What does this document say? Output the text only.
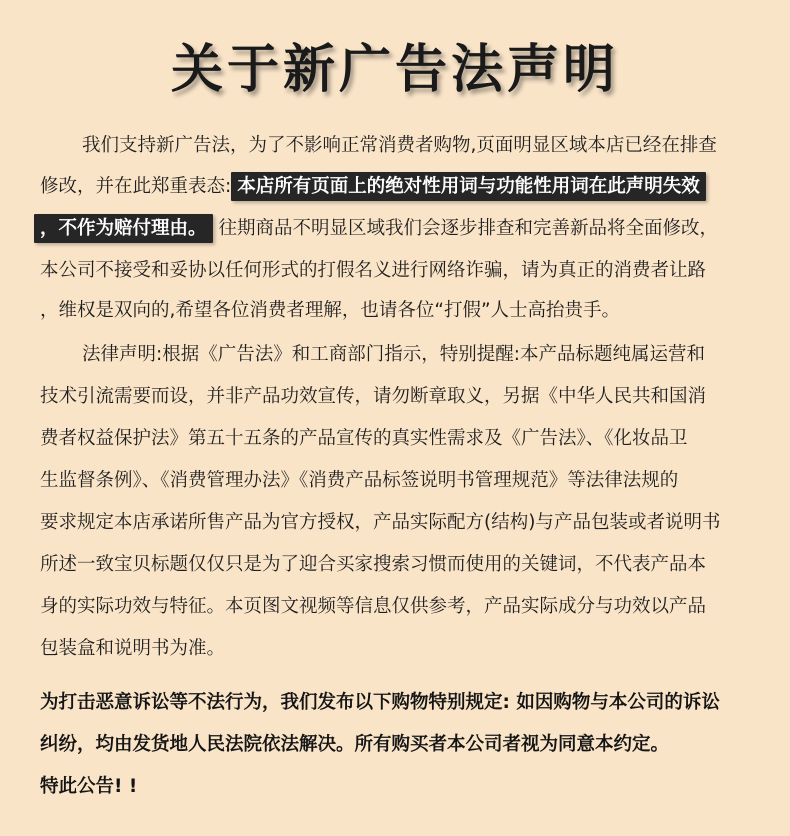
关于新广告法声明
我们支持新广告法，为了不影响正常消费者购物,页面明显区域本店已经在排查
修改，并在此郑重表态: 本店所有页面上的绝对性用词与功能性用词在此声明失效
，不作为赔付理由。 往期商品不明显区域我们会逐步排查和完善新品将全面修改，
本公司不接受和妥协以任何形式的打假名义进行网络诈骗，请为真正的消费者让路
，维权是双向的,希望各位消费者理解，也请各位“打假”人士高抬贵手。
法律声明:根据《广告法》和工商部门指示，特别提醒:本产品标题纯属运营和
技术引流需要而设，并非产品功效宣传，请勿断章取义，另据《中华人民共和国消
费者权益保护法》第五十五条的产品宣传的真实性需求及《广告法》、《化妆品卫
生监督条例》、《消费管理办法》《消费产品标签说明书管理规范》等法律法规的
要求规定本店承诺所售产品为官方授权，产品实际配方(结构)与产品包装或者说明书
所述一致宝贝标题仅仅只是为了迎合买家搜索习惯而使用的关键词，不代表产品本
身的实际功效与特征。本页图文视频等信息仅供参考，产品实际成分与功效以产品
包装盒和说明书为准。
为打击恶意诉讼等不法行为，我们发布以下购物特别规定: 如因购物与本公司的诉讼
纠纷，均由发货地人民法院依法解决。所有购买者本公司者视为同意本约定。
特此公告! !
